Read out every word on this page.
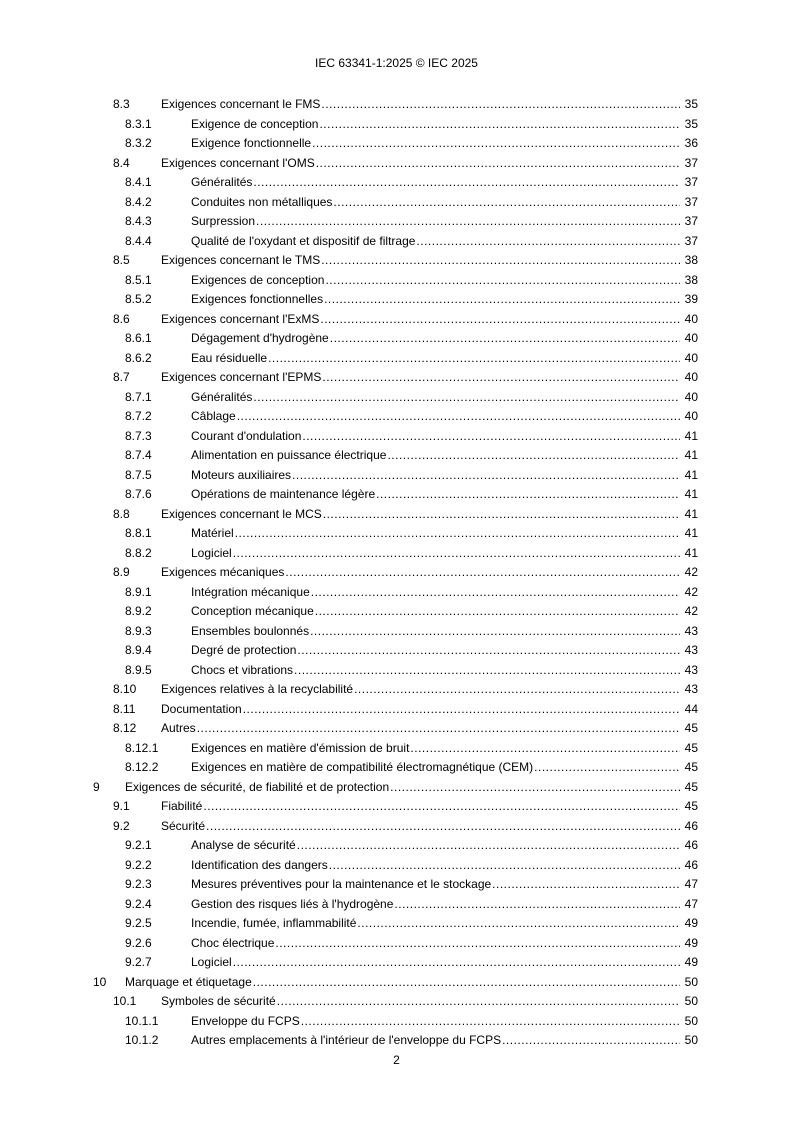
IEC 63341-1:2025 © IEC 2025
8.3	Exigences concernant le FMS .....	35
8.3.1	Exigence de conception .....	35
8.3.2	Exigence fonctionnelle .....	36
8.4	Exigences concernant l'OMS .....	37
8.4.1	Généralités .....	37
8.4.2	Conduites non métalliques .....	37
8.4.3	Surpression .....	37
8.4.4	Qualité de l'oxydant et dispositif de filtrage .....	37
8.5	Exigences concernant le TMS .....	38
8.5.1	Exigences de conception .....	38
8.5.2	Exigences fonctionnelles .....	39
8.6	Exigences concernant l'ExMS .....	40
8.6.1	Dégagement d'hydrogène .....	40
8.6.2	Eau résiduelle .....	40
8.7	Exigences concernant l'EPMS .....	40
8.7.1	Généralités .....	40
8.7.2	Câblage .....	40
8.7.3	Courant d'ondulation .....	41
8.7.4	Alimentation en puissance électrique .....	41
8.7.5	Moteurs auxiliaires .....	41
8.7.6	Opérations de maintenance légère .....	41
8.8	Exigences concernant le MCS .....	41
8.8.1	Matériel .....	41
8.8.2	Logiciel .....	41
8.9	Exigences mécaniques .....	42
8.9.1	Intégration mécanique .....	42
8.9.2	Conception mécanique .....	42
8.9.3	Ensembles boulonnés .....	43
8.9.4	Degré de protection .....	43
8.9.5	Chocs et vibrations .....	43
8.10 Exigences relatives à la recyclabilité .....	43
8.11 Documentation .....	44
8.12 Autres .....	45
8.12.1	Exigences en matière d'émission de bruit .....	45
8.12.2	Exigences en matière de compatibilité électromagnétique (CEM) .....	45
9 Exigences de sécurité, de fiabilité et de protection .....	45
9.1	Fiabilité .....	45
9.2	Sécurité .....	46
9.2.1	Analyse de sécurité .....	46
9.2.2	Identification des dangers .....	46
9.2.3	Mesures préventives pour la maintenance et le stockage .....	47
9.2.4	Gestion des risques liés à l'hydrogène .....	47
9.2.5	Incendie, fumée, inflammabilité .....	49
9.2.6	Choc électrique .....	49
9.2.7	Logiciel .....	49
10 Marquage et étiquetage .....	50
10.1 Symboles de sécurité .....	50
10.1.1	Enveloppe du FCPS .....	50
10.1.2	Autres emplacements à l'intérieur de l'enveloppe du FCPS .....	50
2
